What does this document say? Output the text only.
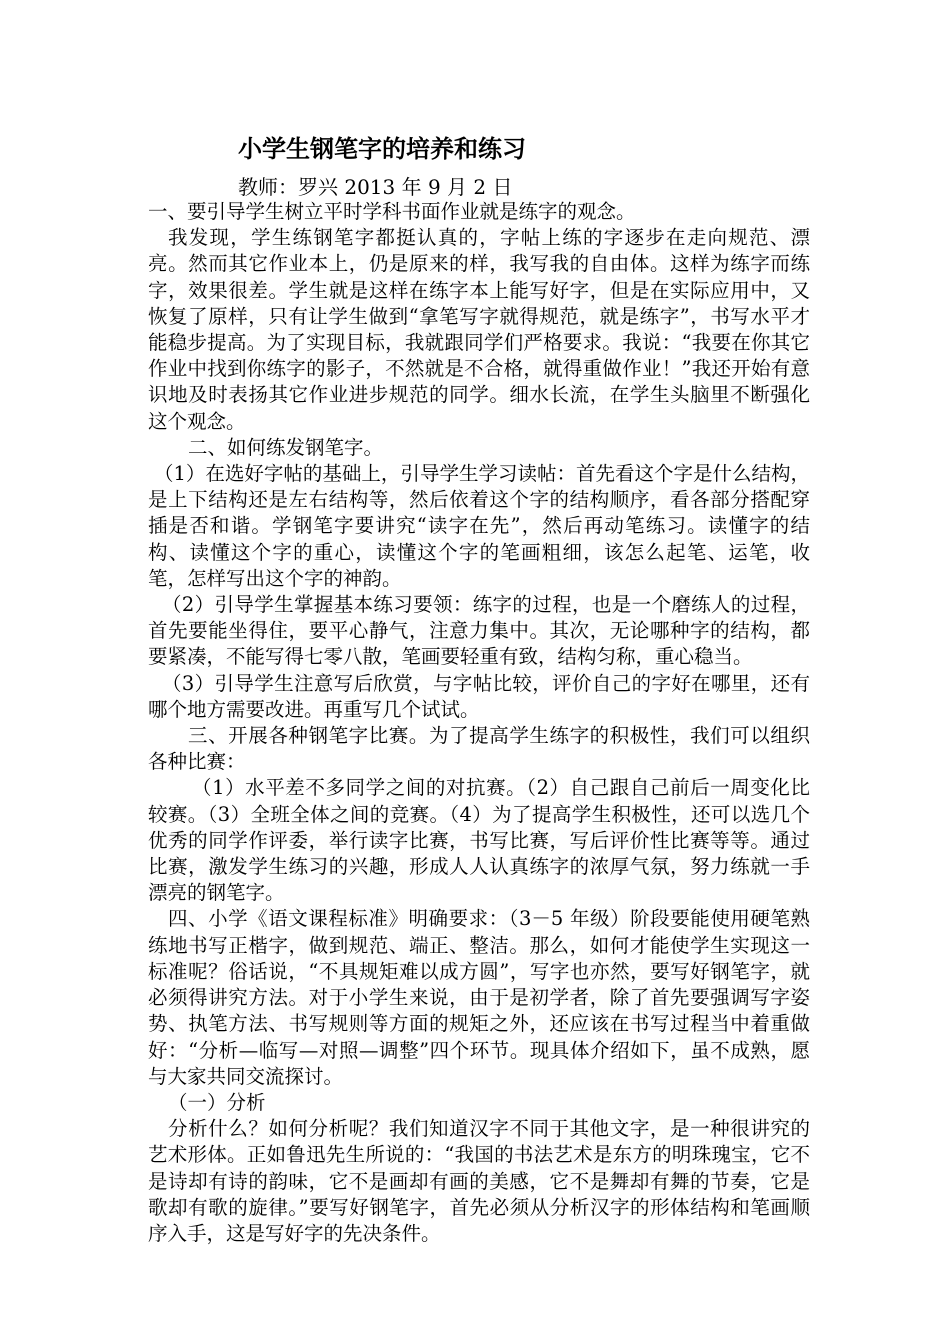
小学生钢笔字的培养和练习
教师：罗兴 2013 年 9 月 2 日

一、要引导学生树立平时学科书面作业就是练字的观念。

我发现，学生练钢笔字都挺认真的，字帖上练的字逐步在走向规范、漂亮。然而其它作业本上，仍是原来的样，我写我的自由体。这样为练字而练字，效果很差。学生就是这样在练字本上能写好字，但是在实际应用中，又恢复了原样，只有让学生做到“拿笔写字就得规范，就是练字”，书写水平才能稳步提高。为了实现目标，我就跟同学们严格要求。我说：“我要在你其它作业中找到你练字的影子，不然就是不合格，就得重做作业！”我还开始有意识地及时表扬其它作业进步规范的同学。细水长流，在学生头脑里不断强化这个观念。

二、如何练发钢笔字。

（1）在选好字帖的基础上，引导学生学习读帖：首先看这个字是什么结构，是上下结构还是左右结构等，然后依着这个字的结构顺序，看各部分搭配穿插是否和谐。学钢笔字要讲究“读字在先”，然后再动笔练习。读懂字的结构、读懂这个字的重心，读懂这个字的笔画粗细，该怎么起笔、运笔，收笔，怎样写出这个字的神韵。

（2）引导学生掌握基本练习要领：练字的过程，也是一个磨练人的过程，首先要能坐得住，要平心静气，注意力集中。其次，无论哪种字的结构，都要紧凑，不能写得七零八散，笔画要轻重有致，结构匀称，重心稳当。

（3）引导学生注意写后欣赏，与字帖比较，评价自己的字好在哪里，还有哪个地方需要改进。再重写几个试试。

三、开展各种钢笔字比赛。为了提高学生练字的积极性，我们可以组织各种比赛：

（1）水平差不多同学之间的对抗赛。（2）自己跟自己前后一周变化比较赛。（3）全班全体之间的竞赛。（4）为了提高学生积极性，还可以选几个优秀的同学作评委，举行读字比赛，书写比赛，写后评价性比赛等等。通过比赛，激发学生练习的兴趣，形成人人认真练字的浓厚气氛，努力练就一手漂亮的钢笔字。

四、小学《语文课程标准》明确要求：（3－5 年级）阶段要能使用硬笔熟练地书写正楷字，做到规范、端正、整洁。那么，如何才能使学生实现这一标准呢？俗话说，“不具规矩难以成方圆”，写字也亦然，要写好钢笔字，就必须得讲究方法。对于小学生来说，由于是初学者，除了首先要强调写字姿势、执笔方法、书写规则等方面的规矩之外，还应该在书写过程当中着重做好：“分析—临写—对照—调整”四个环节。现具体介绍如下，虽不成熟，愿与大家共同交流探讨。

（一）分析

分析什么？如何分析呢？我们知道汉字不同于其他文字，是一种很讲究的艺术形体。正如鲁迅先生所说的：“我国的书法艺术是东方的明珠瑰宝，它不是诗却有诗的韵味，它不是画却有画的美感，它不是舞却有舞的节奏，它是歌却有歌的旋律。”要写好钢笔字，首先必须从分析汉字的形体结构和笔画顺序入手，这是写好字的先决条件。
